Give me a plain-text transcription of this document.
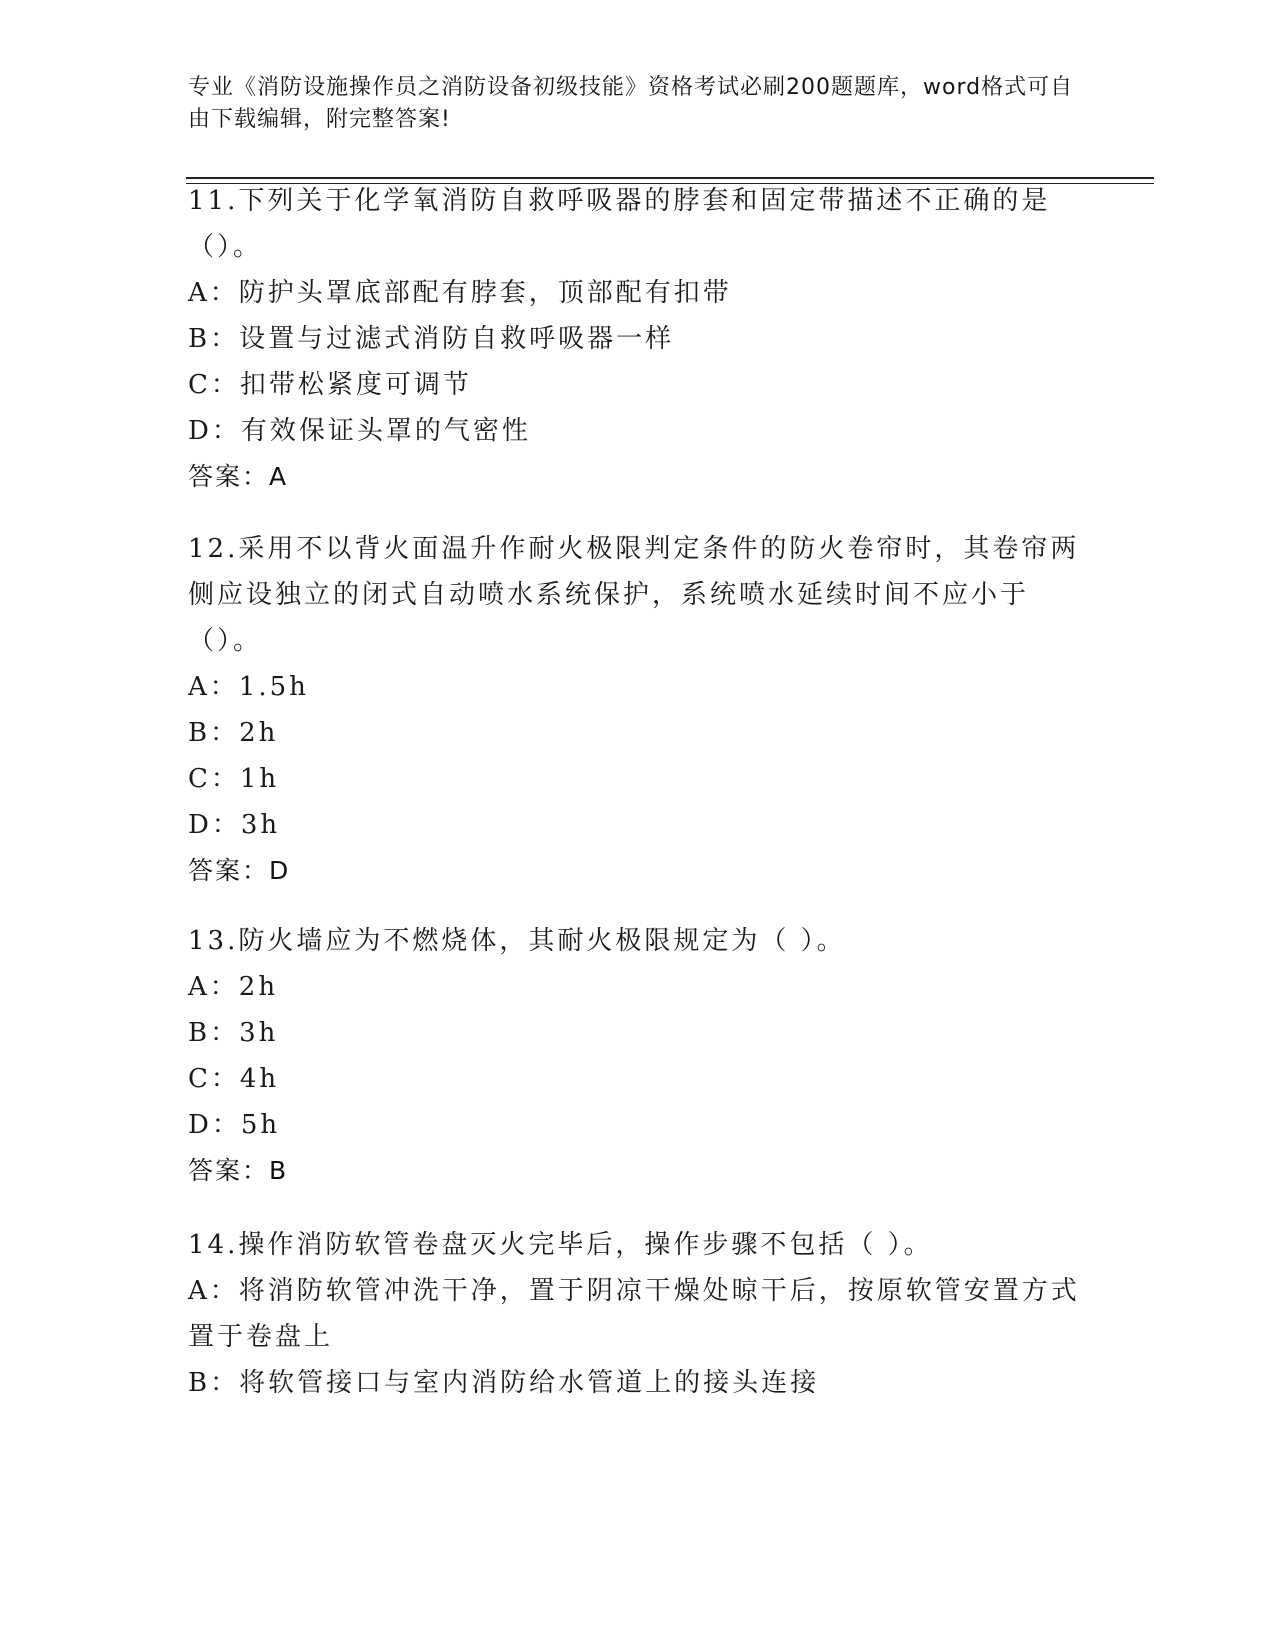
专业《消防设施操作员之消防设备初级技能》资格考试必刷200题题库，word格式可自由下载编辑，附完整答案!

11.下列关于化学氧消防自救呼吸器的脖套和固定带描述不正确的是（）。

A：防护头罩底部配有脖套，顶部配有扣带

B：设置与过滤式消防自救呼吸器一样

C：扣带松紧度可调节

D：有效保证头罩的气密性

答案：A

12.采用不以背火面温升作耐火极限判定条件的防火卷帘时，其卷帘两侧应设独立的闭式自动喷水系统保护，系统喷水延续时间不应小于（）。

A：1.5h

B：2h

C：1h

D：3h

答案：D

13.防火墙应为不燃烧体，其耐火极限规定为（ ）。

A：2h

B：3h

C：4h

D：5h

答案：B

14.操作消防软管卷盘灭火完毕后，操作步骤不包括（ ）。

A：将消防软管冲洗干净，置于阴凉干燥处晾干后，按原软管安置方式置于卷盘上

B：将软管接口与室内消防给水管道上的接头连接
